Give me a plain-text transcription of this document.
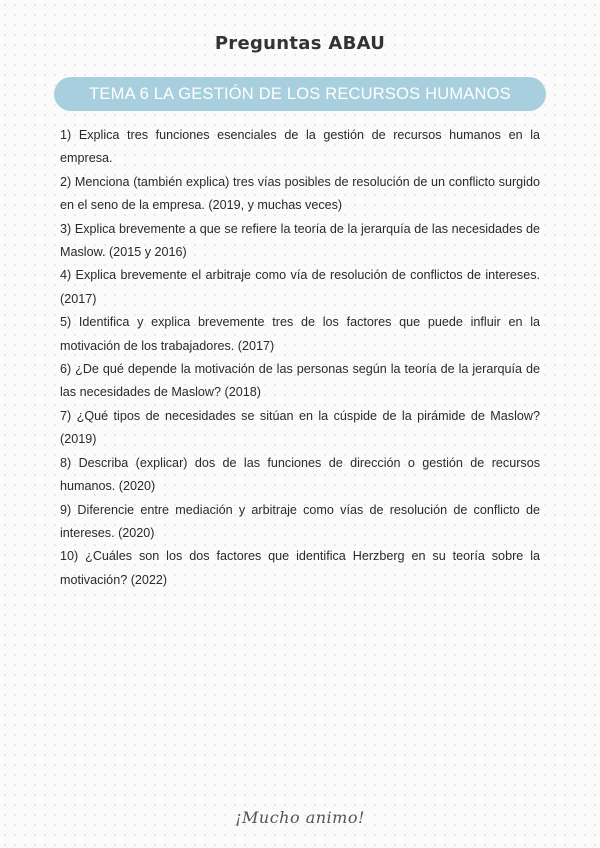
Preguntas ABAU
TEMA 6 LA GESTIÓN DE LOS RECURSOS HUMANOS
1) Explica tres funciones esenciales de la gestión de recursos humanos en la empresa.
2) Menciona (también explica) tres vías posibles de resolución de un conflicto surgido en el seno de la empresa. (2019, y muchas veces)
3) Explica brevemente a que se refiere la teoría de la jerarquía de las necesidades de Maslow. (2015 y 2016)
4) Explica brevemente el arbitraje como vía de resolución de conflictos de intereses. (2017)
5) Identifica y explica brevemente tres de los factores que puede influir en la motivación de los trabajadores. (2017)
6) ¿De qué depende la motivación de las personas según la teoría de la jerarquía de las necesidades de Maslow? (2018)
7) ¿Qué tipos de necesidades se sitúan en la cúspide de la pirámide de Maslow? (2019)
8) Describa (explicar) dos de las funciones de dirección o gestión de recursos humanos. (2020)
9) Diferencie entre mediación y arbitraje como vías de resolución de conflicto de intereses. (2020)
10) ¿Cuáles son los dos factores que identifica Herzberg en su teoría sobre la motivación? (2022)
¡Mucho animo!
